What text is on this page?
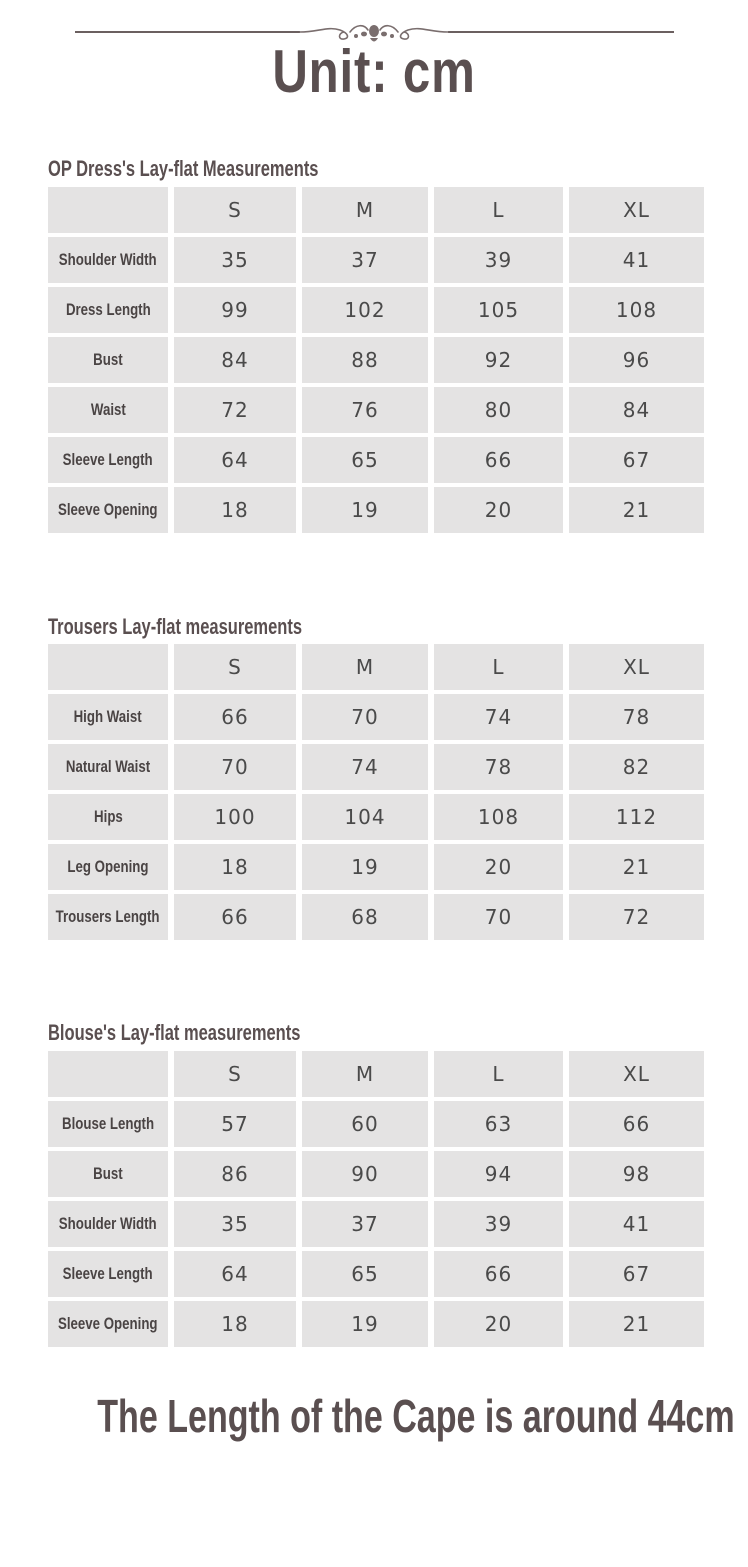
Unit: cm
OP Dress's Lay-flat Measurements
S	M	L	XL
Shoulder Width	35	37	39	41
Dress Length	99	102	105	108
Bust	84	88	92	96
Waist	72	76	80	84
Sleeve Length	64	65	66	67
Sleeve Opening	18	19	20	21
Trousers Lay-flat measurements
S	M	L	XL
High Waist	66	70	74	78
Natural Waist	70	74	78	82
Hips	100	104	108	112
Leg Opening	18	19	20	21
Trousers Length	66	68	70	72
Blouse's Lay-flat measurements
S	M	L	XL
Blouse Length	57	60	63	66
Bust	86	90	94	98
Shoulder Width	35	37	39	41
Sleeve Length	64	65	66	67
Sleeve Opening	18	19	20	21
The Length of the Cape is around 44cm
